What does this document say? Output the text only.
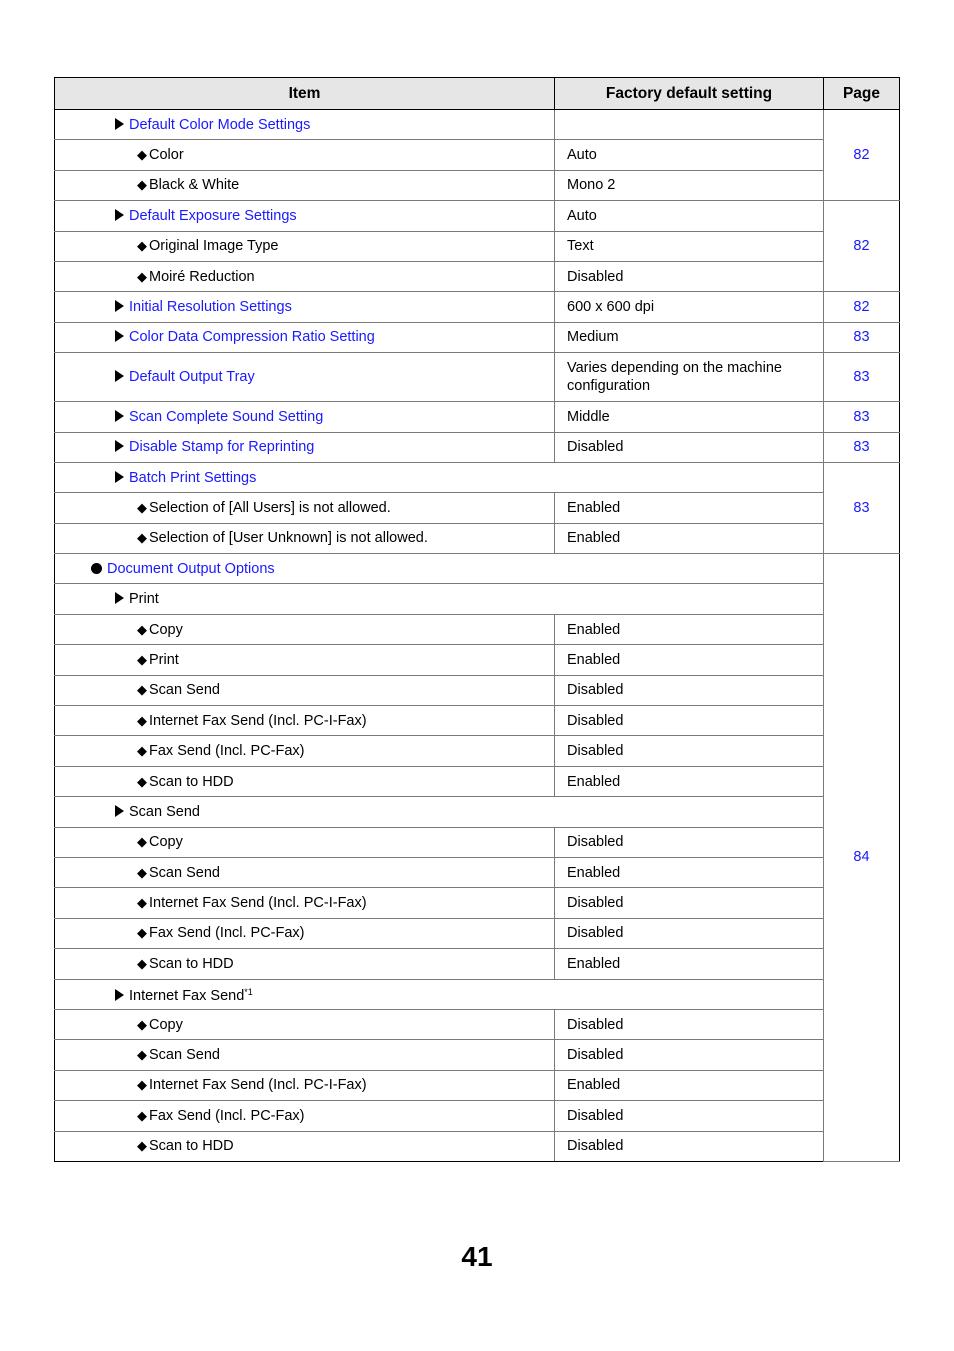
Item	Factory default setting	Page
Default Color Mode Settings		82
◆ Color	Auto	
◆ Black & White	Mono 2	
Default Exposure Settings	Auto	82
◆ Original Image Type	Text	
◆ Moiré Reduction	Disabled	
Initial Resolution Settings	600 x 600 dpi	82
Color Data Compression Ratio Setting	Medium	83
Default Output Tray	Varies depending on the machine configuration	83
Scan Complete Sound Setting	Middle	83
Disable Stamp for Reprinting	Disabled	83
Batch Print Settings		83
◆ Selection of [All Users] is not allowed.	Enabled	
◆ Selection of [User Unknown] is not allowed.	Enabled	
Document Output Options		84
Print		
◆ Copy	Enabled	
◆ Print	Enabled	
◆ Scan Send	Disabled	
◆ Internet Fax Send (Incl. PC-I-Fax)	Disabled	
◆ Fax Send (Incl. PC-Fax)	Disabled	
◆ Scan to HDD	Enabled	
Scan Send		
◆ Copy	Disabled	
◆ Scan Send	Enabled	
◆ Internet Fax Send (Incl. PC-I-Fax)	Disabled	
◆ Fax Send (Incl. PC-Fax)	Disabled	
◆ Scan to HDD	Enabled	
Internet Fax Send$^{*1}$
◆ Copy	Disabled	
◆ Scan Send	Disabled	
◆ Internet Fax Send (Incl. PC-I-Fax)	Enabled	
◆ Fax Send (Incl. PC-Fax)	Disabled	
◆ Scan to HDD	Disabled	
41
